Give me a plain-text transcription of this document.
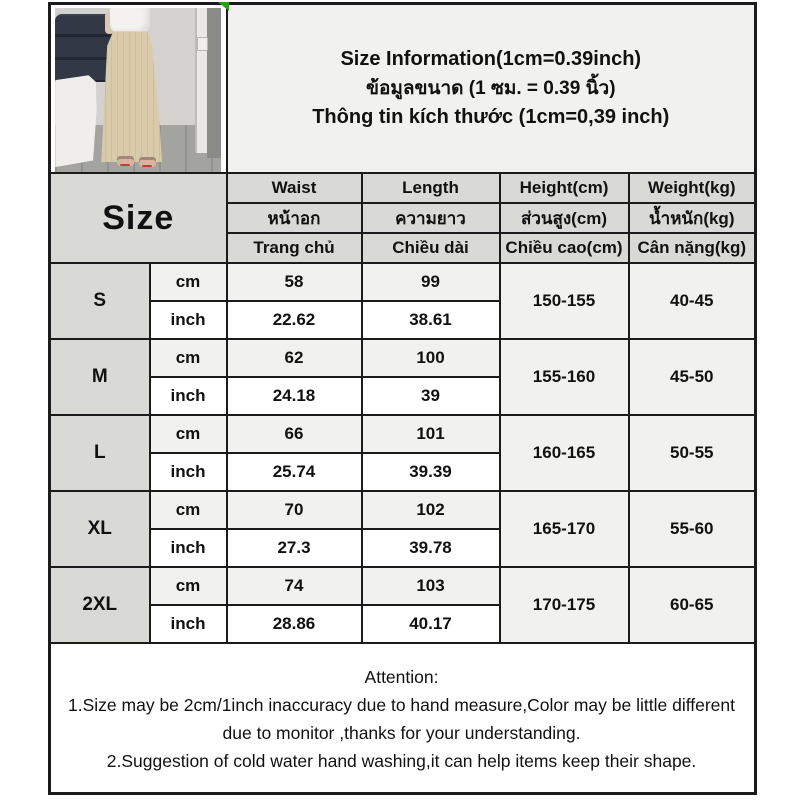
		Size Information(1cm=0.39inch)
ข้อมูลขนาด (1 ซม. = 0.39 นิ้ว)
Thông tin kích thước (1cm=0,39 inch)			

Size		Waist	Length	Height(cm)	Weight(kg)
		หน้าอก	ความยาว	ส่วนสูง(cm)	น้ำหนัก(kg)
		Trang chủ	Chiều dài	Chiều cao(cm)	Cân nặng(kg)
S	cm	58	99	150-155	40-45
	inch	22.62	38.61		
M	cm	62	100	155-160	45-50
	inch	24.18	39		
L	cm	66	101	160-165	50-55
	inch	25.74	39.39		
XL	cm	70	102	165-170	55-60
	inch	27.3	39.78		
2XL	cm	74	103	170-175	60-65
	inch	28.86	40.17		

Attention:
1.Size may be 2cm/1inch inaccuracy due to hand measure,Color may be little different due to monitor ,thanks for your understanding.
2.Suggestion of cold water hand washing,it can help items keep their shape.					
